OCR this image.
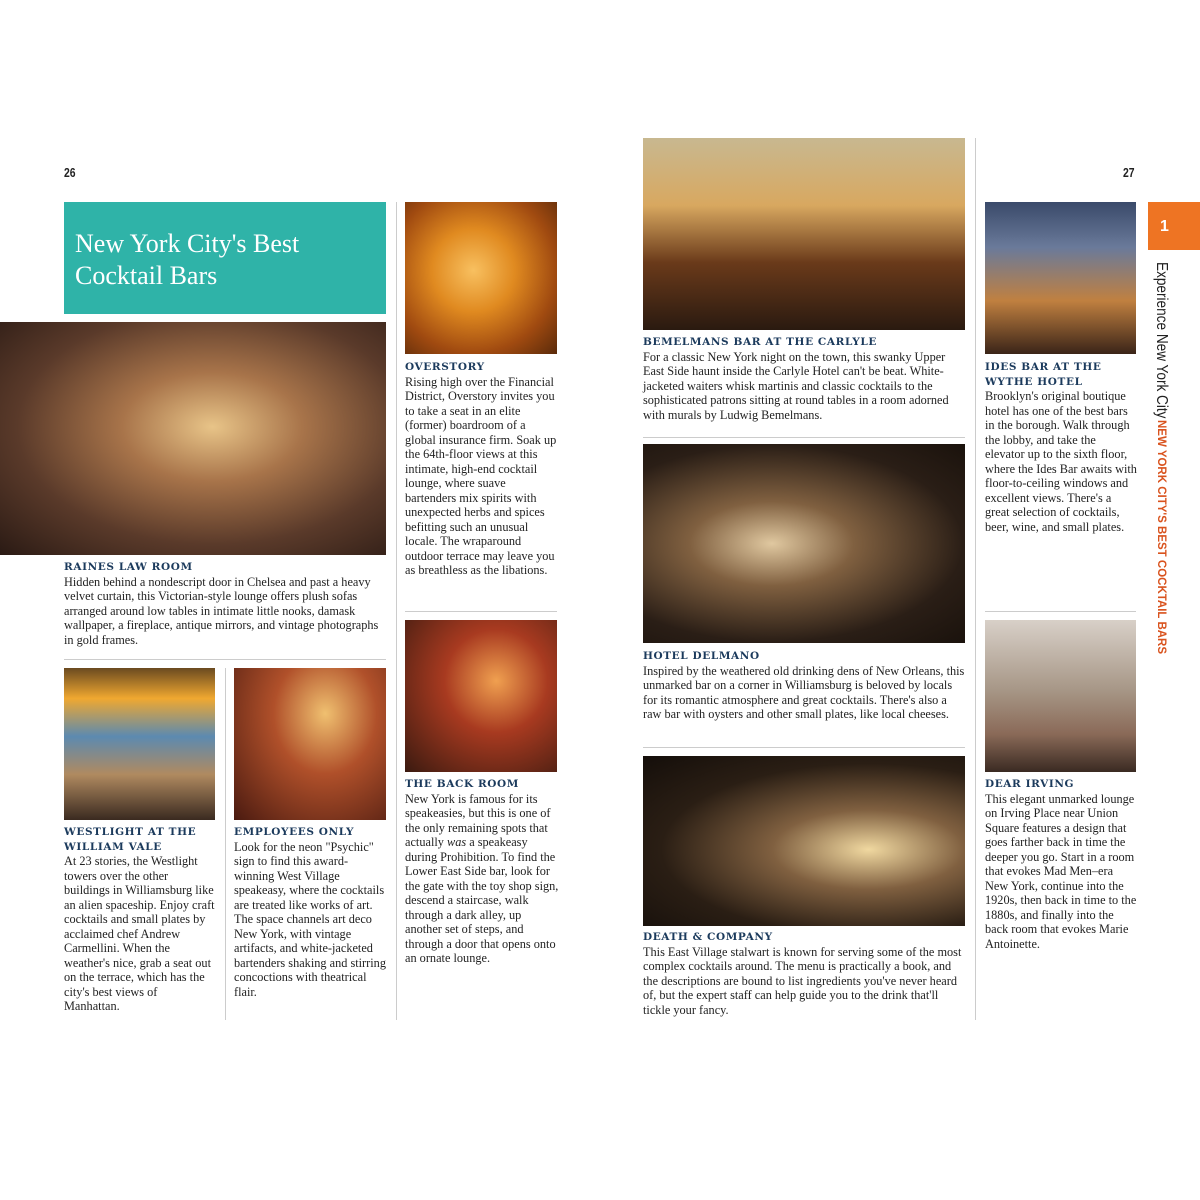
26	27
New York City's Best
Cocktail Bars
RAINES LAW ROOM

Hidden behind a nondescript door in Chelsea and past a heavy velvet curtain, this Victorian-style lounge offers plush sofas arranged around low tables in intimate little nooks, damask wallpaper, a fireplace, antique mirrors, and vintage photographs in gold frames.

WESTLIGHT AT THE WILLIAM VALE

At 23 stories, the Westlight towers over the other buildings in Williamsburg like an alien spaceship. Enjoy craft cocktails and small plates by acclaimed chef Andrew Carmellini. When the weather's nice, grab a seat out on the terrace, which has the city's best views of Manhattan.

EMPLOYEES ONLY

Look for the neon "Psychic" sign to find this award-winning West Village speakeasy, where the cocktails are treated like works of art. The space channels art deco New York, with vintage artifacts, and white-jacketed bartenders shaking and stirring concoctions with theatrical flair.

OVERSTORY

Rising high over the Financial District, Overstory invites you to take a seat in an elite (former) boardroom of a global insurance firm. Soak up the 64th-floor views at this intimate, high-end cocktail lounge, where suave bartenders mix spirits with unexpected herbs and spices befitting such an unusual locale. The wraparound outdoor terrace may leave you as breathless as the libations.

THE BACK ROOM

New York is famous for its speakeasies, but this is one of the only remaining spots that actually was a speakeasy during Prohibition. To find the Lower East Side bar, look for the gate with the toy shop sign, descend a staircase, walk through a dark alley, up another set of steps, and through a door that opens onto an ornate lounge.

BEMELMANS BAR AT THE CARLYLE

For a classic New York night on the town, this swanky Upper East Side haunt inside the Carlyle Hotel can't be beat. White-jacketed waiters whisk martinis and classic cocktails to the sophisticated patrons sitting at round tables in a room adorned with murals by Ludwig Bemelmans.

HOTEL DELMANO

Inspired by the weathered old drinking dens of New Orleans, this unmarked bar on a corner in Williamsburg is beloved by locals for its romantic atmosphere and great cocktails. There's also a raw bar with oysters and other small plates, like local cheeses.

DEATH & COMPANY

This East Village stalwart is known for serving some of the most complex cocktails around. The menu is practically a book, and the descriptions are bound to list ingredients you've never heard of, but the expert staff can help guide you to the drink that'll tickle your fancy.

IDES BAR AT THE WYTHE HOTEL

Brooklyn's original boutique hotel has one of the best bars in the borough. Walk through the lobby, and take the elevator up to the sixth floor, where the Ides Bar awaits with floor-to-ceiling windows and excellent views. There's a great selection of cocktails, beer, wine, and small plates.

DEAR IRVING

This elegant unmarked lounge on Irving Place near Union Square features a design that goes farther back in time the deeper you go. Start in a room that evokes Mad Men–era New York, continue into the 1920s, then back in time to the 1880s, and finally into the back room that evokes Marie Antoinette.

1
Experience New York City
NEW YORK CITY'S BEST COCKTAIL BARS
